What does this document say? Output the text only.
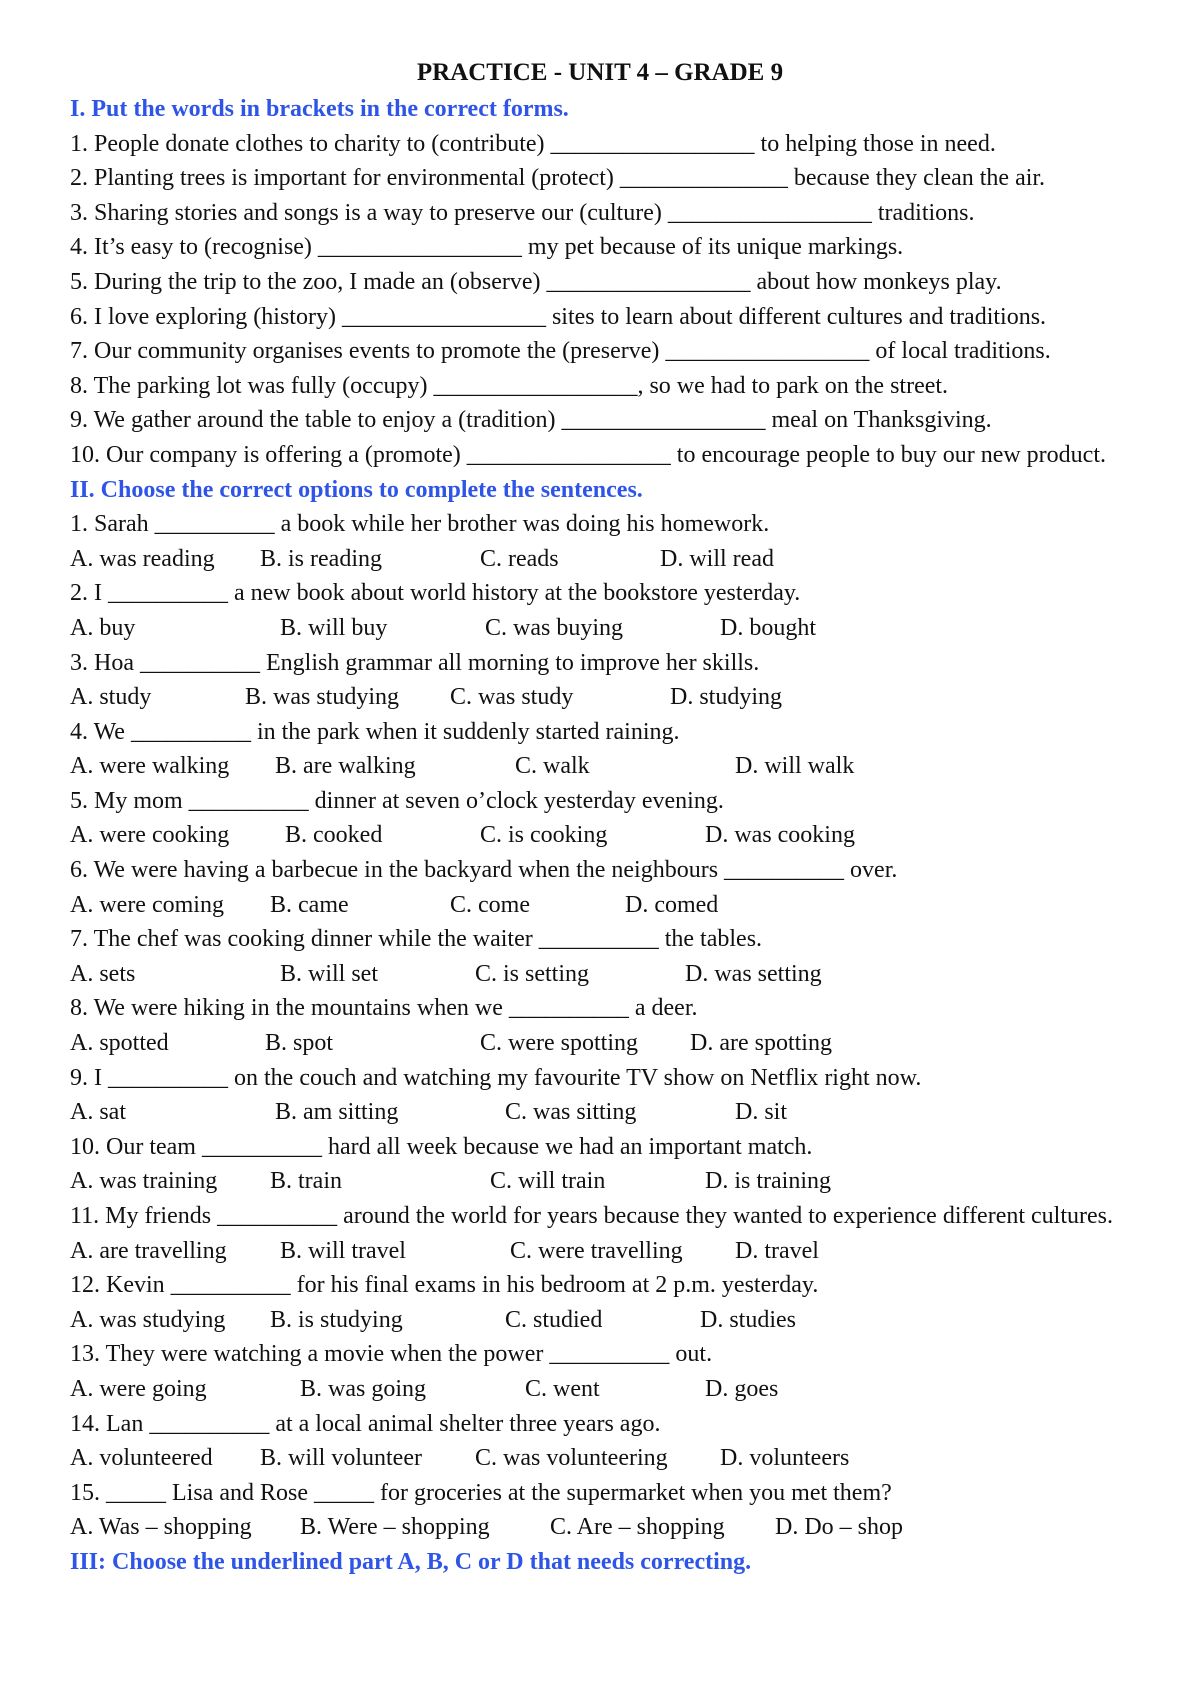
PRACTICE - UNIT 4 – GRADE 9
I. Put the words in brackets in the correct forms.
1. People donate clothes to charity to (contribute) _________________ to helping those in need.
2. Planting trees is important for environmental (protect) ______________ because they clean the air.
3. Sharing stories and songs is a way to preserve our (culture) _________________ traditions.
4. It’s easy to (recognise) _________________ my pet because of its unique markings.
5. During the trip to the zoo, I made an (observe) _________________ about how monkeys play.
6. I love exploring (history) _________________ sites to learn about different cultures and traditions.
7. Our community organises events to promote the (preserve) _________________ of local traditions.
8. The parking lot was fully (occupy) _________________, so we had to park on the street.
9. We gather around the table to enjoy a (tradition) _________________ meal on Thanksgiving.
10. Our company is offering a (promote) _________________ to encourage people to buy our new product.
II. Choose the correct options to complete the sentences.
1. Sarah __________ a book while her brother was doing his homework.
A. was reading B. is reading	C. reads	D. will read
2. I __________ a new book about world history at the bookstore yesterday.
A. buy	B. will buy	C. was buying	D. bought
3. Hoa __________ English grammar all morning to improve her skills.
A. study	B. was studying C. was study	D. studying
4. We __________ in the park when it suddenly started raining.
A. were walking B. are walking	C. walk	D. will walk
5. My mom __________ dinner at seven o’clock yesterday evening.
A. were cooking B. cooked	C. is cooking	D. was cooking
6. We were having a barbecue in the backyard when the neighbours __________ over.
A. were coming B. came	C. come	D. comed
7. The chef was cooking dinner while the waiter __________ the tables.
A. sets	B. will set	C. is setting	D. was setting
8. We were hiking in the mountains when we __________ a deer.
A. spotted	B. spot	C. were spotting D. are spotting
9. I __________ on the couch and watching my favourite TV show on Netflix right now.
A. sat	B. am sitting	C. was sitting	D. sit
10. Our team __________ hard all week because we had an important match.
A. was training B. train	C. will train	D. is training
11. My friends __________ around the world for years because they wanted to experience different cultures.
A. are travelling B. will travel	C. were travelling D. travel
12. Kevin __________ for his final exams in his bedroom at 2 p.m. yesterday.
A. was studying B. is studying	C. studied	D. studies
13. They were watching a movie when the power __________ out.
A. were going	B. was going	C. went	D. goes
14. Lan __________ at a local animal shelter three years ago.
A. volunteered B. will volunteer C. was volunteering D. volunteers
15. _____ Lisa and Rose _____ for groceries at the supermarket when you met them?
A. Was – shopping B. Were – shopping	C. Are – shopping D. Do – shop
III: Choose the underlined part A, B, C or D that needs correcting.
